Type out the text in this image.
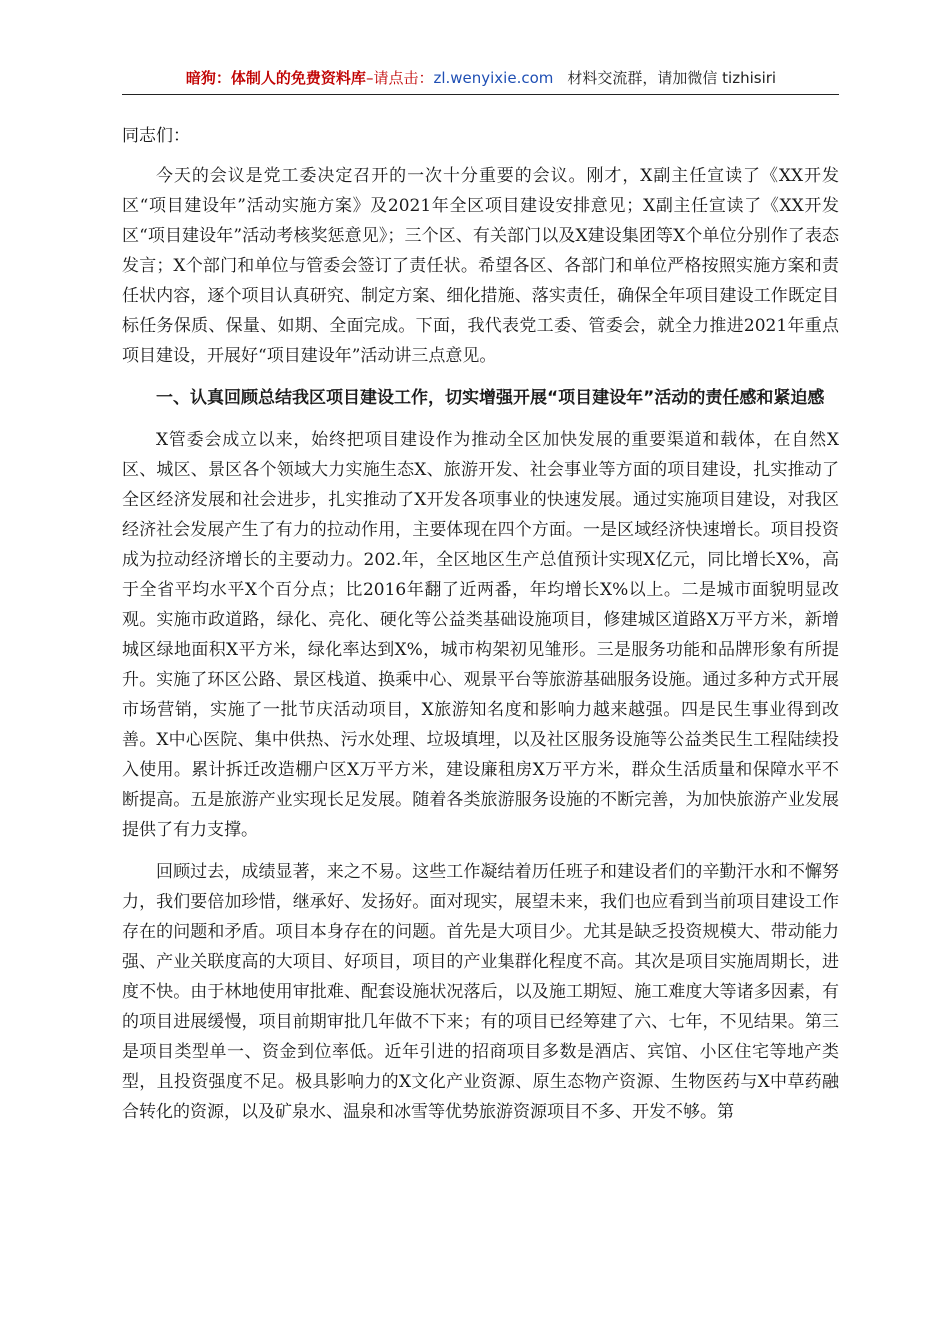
暗狗：体制人的免费资料库–请点击：zl.wenyixie.com 材料交流群，请加微信 tizhisiri

同志们：

今天的会议是党工委决定召开的一次十分重要的会议。刚才，X副主任宣读了《XX开发区“项目建设年”活动实施方案》及2021年全区项目建设安排意见；X副主任宣读了《XX开发区“项目建设年”活动考核奖惩意见》；三个区、有关部门以及X建设集团等X个单位分别作了表态发言；X个部门和单位与管委会签订了责任状。希望各区、各部门和单位严格按照实施方案和责任状内容，逐个项目认真研究、制定方案、细化措施、落实责任，确保全年项目建设工作既定目标任务保质、保量、如期、全面完成。下面，我代表党工委、管委会，就全力推进2021年重点项目建设，开展好“项目建设年”活动讲三点意见。

一、认真回顾总结我区项目建设工作，切实增强开展“项目建设年”活动的责任感和紧迫感

X管委会成立以来，始终把项目建设作为推动全区加快发展的重要渠道和载体，在自然X区、城区、景区各个领域大力实施生态X、旅游开发、社会事业等方面的项目建设，扎实推动了全区经济发展和社会进步，扎实推动了X开发各项事业的快速发展。通过实施项目建设，对我区经济社会发展产生了有力的拉动作用，主要体现在四个方面。一是区域经济快速增长。项目投资成为拉动经济增长的主要动力。202.年，全区地区生产总值预计实现X亿元，同比增长X%，高于全省平均水平X个百分点；比2016年翻了近两番，年均增长X%以上。二是城市面貌明显改观。实施市政道路，绿化、亮化、硬化等公益类基础设施项目，修建城区道路X万平方米，新增城区绿地面积X平方米，绿化率达到X%，城市构架初见雏形。三是服务功能和品牌形象有所提升。实施了环区公路、景区栈道、换乘中心、观景平台等旅游基础服务设施。通过多种方式开展市场营销，实施了一批节庆活动项目，X旅游知名度和影响力越来越强。四是民生事业得到改善。X中心医院、集中供热、污水处理、垃圾填埋，以及社区服务设施等公益类民生工程陆续投入使用。累计拆迁改造棚户区X万平方米，建设廉租房X万平方米，群众生活质量和保障水平不断提高。五是旅游产业实现长足发展。随着各类旅游服务设施的不断完善，为加快旅游产业发展提供了有力支撑。

回顾过去，成绩显著，来之不易。这些工作凝结着历任班子和建设者们的辛勤汗水和不懈努力，我们要倍加珍惜，继承好、发扬好。面对现实，展望未来，我们也应看到当前项目建设工作存在的问题和矛盾。项目本身存在的问题。首先是大项目少。尤其是缺乏投资规模大、带动能力强、产业关联度高的大项目、好项目，项目的产业集群化程度不高。其次是项目实施周期长，进度不快。由于林地使用审批难、配套设施状况落后，以及施工期短、施工难度大等诸多因素，有的项目进展缓慢，项目前期审批几年做不下来；有的项目已经筹建了六、七年，不见结果。第三是项目类型单一、资金到位率低。近年引进的招商项目多数是酒店、宾馆、小区住宅等地产类型，且投资强度不足。极具影响力的X文化产业资源、原生态物产资源、生物医药与X中草药融合转化的资源，以及矿泉水、温泉和冰雪等优势旅游资源项目不多、开发不够。第
